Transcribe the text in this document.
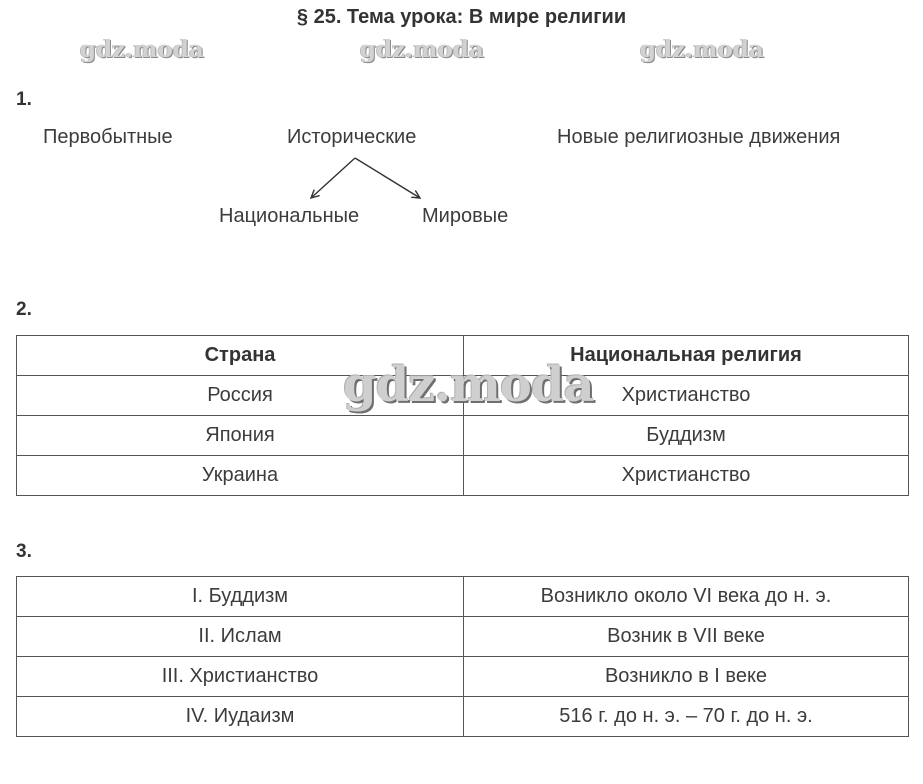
§ 25. Тема урока: В мире религии
gdz.moda	gdz.moda	gdz.moda
1.
Первобытные	Исторические	Новые религиозные движения
Национальные	Мировые
2.
Страна	Национальная религия
Россия	Христианство
Япония	Буддизм
Украина	Христианство
gdz.moda
3.
I. Буддизм	Возникло около VI века до н. э.
II. Ислам	Возник в VII веке
III. Христианство	Возникло в I веке
IV. Иудаизм	516 г. до н. э. – 70 г. до н. э.
